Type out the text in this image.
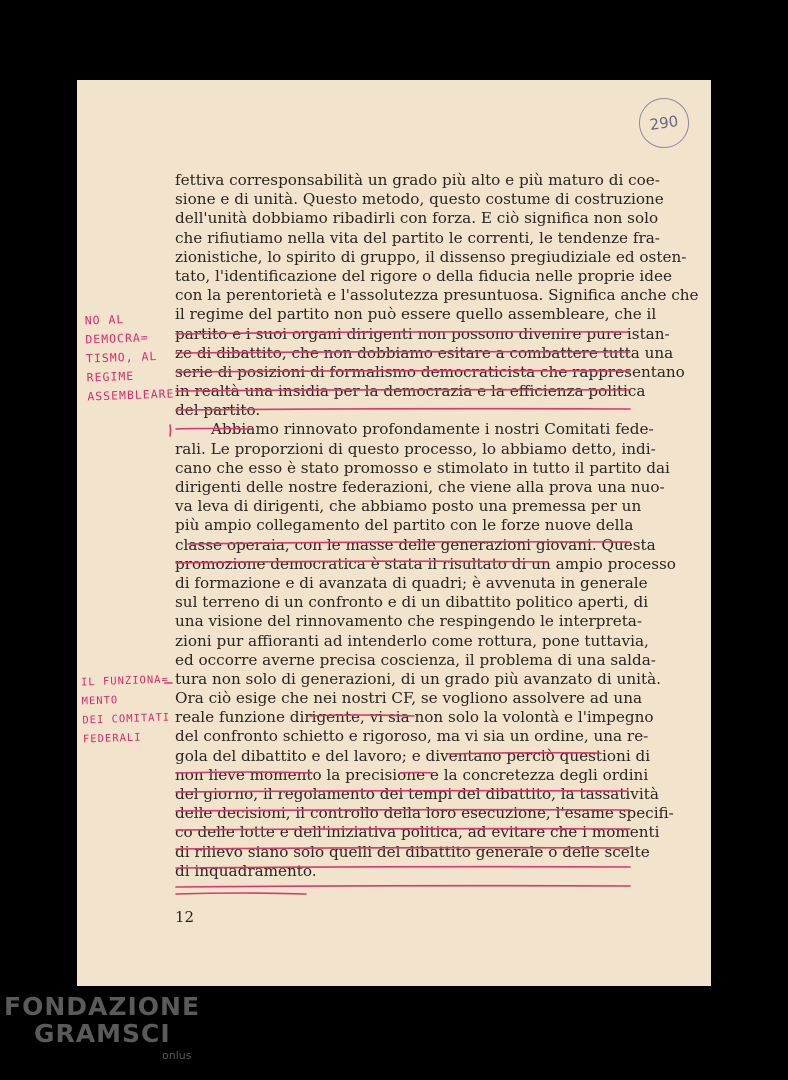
290
fettiva corresponsabilità un grado più alto e più maturo di coe-
sione e di unità. Questo metodo, questo costume di costruzione
dell'unità dobbiamo ribadirli con forza. E ciò significa non solo
che rifiutiamo nella vita del partito le correnti, le tendenze fra-
zionistiche, lo spirito di gruppo, il dissenso pregiudiziale ed osten-
tato, l'identificazione del rigore o della fiducia nelle proprie idee
con la perentorietà e l'assolutezza presuntuosa. Significa anche che
il regime del partito non può essere quello assembleare, che il
partito e i suoi organi dirigenti non possono divenire pure istan-
ze di dibattito, che non dobbiamo esitare a combattere tutta una
serie di posizioni di formalismo democraticista che rappresentano
in realtà una insidia per la democrazia e la efficienza politica
del partito.
Abbiamo rinnovato profondamente i nostri Comitati fede-
rali. Le proporzioni di questo processo, lo abbiamo detto, indi-
cano che esso è stato promosso e stimolato in tutto il partito dai
dirigenti delle nostre federazioni, che viene alla prova una nuo-
va leva di dirigenti, che abbiamo posto una premessa per un
più ampio collegamento del partito con le forze nuove della
classe operaia, con le masse delle generazioni giovani. Questa
promozione democratica è stata il risultato di un ampio processo
di formazione e di avanzata di quadri; è avvenuta in generale
sul terreno di un confronto e di un dibattito politico aperti, di
una visione del rinnovamento che respingendo le interpreta-
zioni pur affioranti ad intenderlo come rottura, pone tuttavia,
ed occorre averne precisa coscienza, il problema di una salda-
tura non solo di generazioni, di un grado più avanzato di unità.
Ora ciò esige che nei nostri CF, se vogliono assolvere ad una
reale funzione dirigente, vi sia non solo la volontà e l'impegno
del confronto schietto e rigoroso, ma vi sia un ordine, una re-
gola del dibattito e del lavoro; e diventano perciò questioni di
non lieve momento la precisione e la concretezza degli ordini
del giorno, il regolamento dei tempi del dibattito, la tassatività
delle decisioni, il controllo della loro esecuzione, l'esame specifi-
co delle lotte e dell'iniziativa politica, ad evitare che i momenti
di rilievo siano solo quelli del dibattito generale o delle scelte
di inquadramento.
NO AL
DEMOCRA=
TISMO, AL
REGIME
ASSEMBLEARE
IL FUNZIONA=
MENTO
DEI COMITATI
FEDERALI
12
FONDAZIONE
GRAMSCI
onlus
